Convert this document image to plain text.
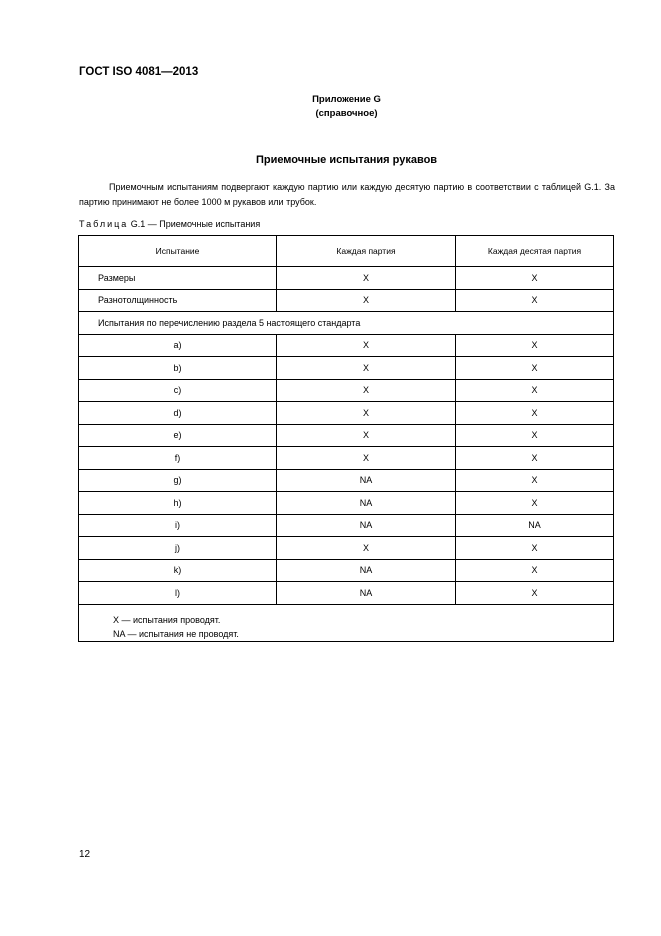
ГОСТ ISO 4081—2013
Приложение G
(справочное)
Приемочные испытания рукавов
Приемочным испытаниям подвергают каждую партию или каждую десятую партию в соответствии с таблицей G.1. За партию принимают не более 1000 м рукавов или трубок.
Таблица G.1 — Приемочные испытания
Испытание	Каждая партия	Каждая десятая партия
Размеры	X	X
Разнотолщинность	X	X
Испытания по перечислению раздела 5 настоящего стандарта		
a)	X	X
b)	X	X
c)	X	X
d)	X	X
e)	X	X
f)	X	X
g)	NA	X
h)	NA	X
i)	NA	NA
j)	X	X
k)	NA	X
l)	NA	X

X — испытания проводят.
NA — испытания не проводят.		
12
